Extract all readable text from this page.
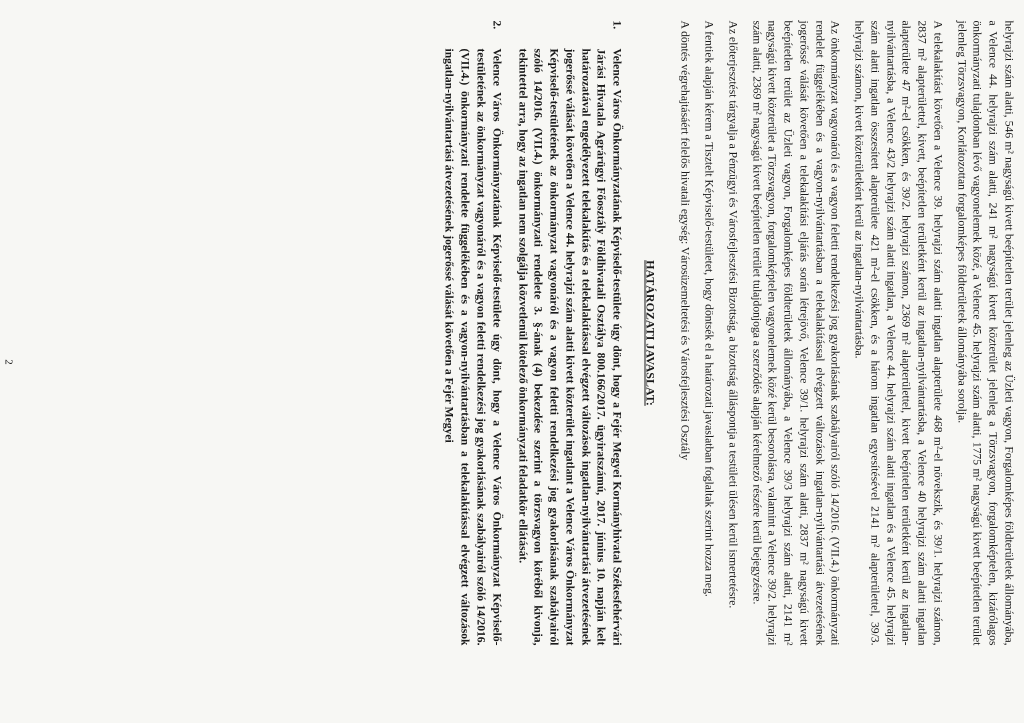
helyrajzi szám alatti, 546 m² nagyságú kivett beépítetlen terület jelenleg az Üzleti vagyon, Forgalomképes földterületek állományába, a Velence 44. helyrajzi szám alatti, 241 m² nagyságú kivett közterület jelenleg a Törzsvagyon, forgalomképtelen, kizárólagos önkormányzati tulajdonban lévő vagyonelemek közé, a Velence 45. helyrajzi szám alatti, 1775 m² nagyságú kivett beépítetlen terület jelenleg Törzsvagyon, Korlátozottan forgalomképes földterületek állományába sorolja.

A telekalakítást követően a Velence 39. helyrajzi szám alatti ingatlan alapterülete 468 m²-el növekszik, és 39/1. helyrajzi számon, 2837 m² alapterülettel, kivett, beépítetlen területként kerül az ingatlan-nyilvántartásba, a Velence 40 helyrajzi szám alatti ingatlan alapterülete 47 m²-el csökken, és 39/2. helyrajzi számon, 2369 m² alapterülettel, kivett beépítetlen területként kerül az ingatlan-nyilvántartásba, a Velence 43/2 helyrajzi szám alatti ingatlan, a Velence 44. helyrajzi szám alatti ingatlan és a Velence 45. helyrajzi szám alatti ingatlan összesített alapterülete 421 m²-el csökken, és a három ingatlan egyesítésével 2141 m² alapterülettel, 39/3. helyrajzi számon, kivett közterületként kerül az ingatlan-nyilvántartásba.

Az önkormányzat vagyonáról és a vagyon feletti rendelkezési jog gyakorlásának szabályairól szóló 14/2016. (VII.4.) önkormányzati rendelet függelékében és a vagyon-nyilvántartásban a telekalakítással elvégzett változások ingatlan-nyilvántartási átvezetésének jogerőssé válását követően a telekalakítási eljárás során létrejövő, Velence 39/1. helyrajzi szám alatti, 2837 m² nagyságú kivett beépítetlen terület az Üzleti vagyon, Forgalomképes földterületek állományába, a Velence 39/3 helyrajzi szám alatti, 2141 m² nagyságú kivett közterület a Törzsvagyon, forgalomképtelen vagyonelemek közé kerül besorolásra, valamint a Velence 39/2. helyrajzi szám alatti, 2369 m² nagyságú kivett beépítetlen terület tulajdonjoga a szerződés alapján kérelmező részére kerül bejegyzésre.

Az előterjesztést tárgyalja a Pénzügyi és Városfejlesztési Bizottság, a bizottság álláspontja a testületi ülésen kerül ismertetésre.

A fentiek alapján kérem a Tisztelt Képviselő-testületet, hogy döntsék el a határozati javaslatban foglaltak szerint hozza meg.

A döntés végrehajtásáért felelős hivatali egység: Városüzemeltetési és Városfejlesztési Osztály

HATÁROZATI JAVASLAT:
1.
Velence Város Önkormányzatának Képviselő-testülete úgy dönt, hogy a Fejér Megyei Kormányhivatal Székesfehérvári Járási Hivatala Agrárügyi Főosztály Földhivatali Osztálya 800.166/2017. ügyiratszámú, 2017. június 10. napján kelt határozatával engedélyezett telekalakítás és a telekalakítással elvégzett változások ingatlan-nyilvántartási átvezetésének jogerőssé válását követően a Velence 44. helyrajzi szám alatti kivett közterület ingatlant a Velence Város Önkormányzat Képviselő-testületének az önkormányzat vagyonáról és a vagyon feletti rendelkezési jog gyakorlásának szabályairól szóló 14/2016. (VII.4.) önkormányzati rendelete 3. §-ának (4) bekezdése szerint a törzsvagyon köréből kivonja, tekintettel arra, hogy az ingatlan nem szolgálja közvetlenül kötelező önkormányzati feladatkör ellátását.
2.
Velence Város Önkormányzatának Képviselő-testülete úgy dönt, hogy a Velence Város Önkormányzat Képviselő-testületének az önkormányzat vagyonáról és a vagyon feletti rendelkezési jog gyakorlásának szabályairól szóló 14/2016. (VII.4.) önkormányzati rendelete függelékében és a vagyon-nyilvántartásban a telekalakítással elvégzett változások ingatlan-nyilvántartási átvezetésének jogerőssé válását követően a Fejér Megyei
2
